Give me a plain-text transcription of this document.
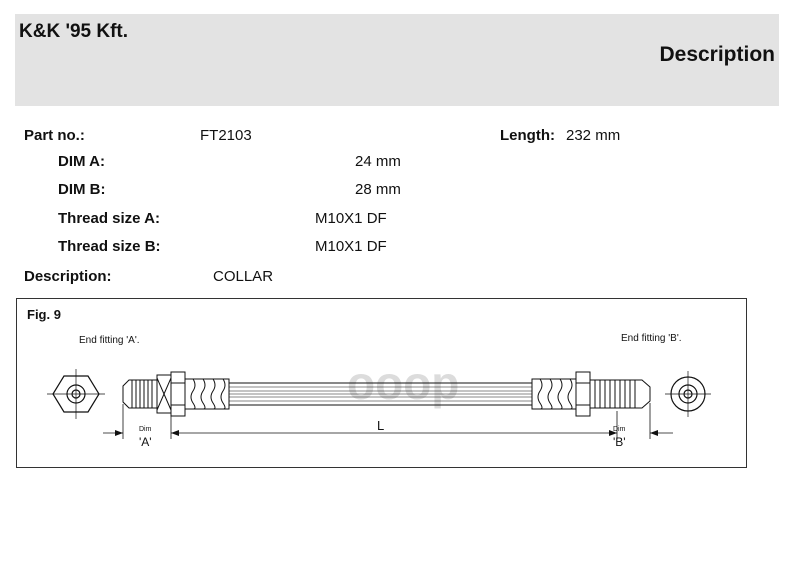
K&K '95 Kft.
Description
Part no.:	FT2103	Length: 232 mm
DIM A:	24 mm
DIM B:	28 mm
Thread size A:	M10X1 DF
Thread size B:	M10X1 DF
Description:	COLLAR
Fig. 9
ooop
End fitting 'A'.	End fitting 'B'.
Dim
'A'
L	Dim
'B'
